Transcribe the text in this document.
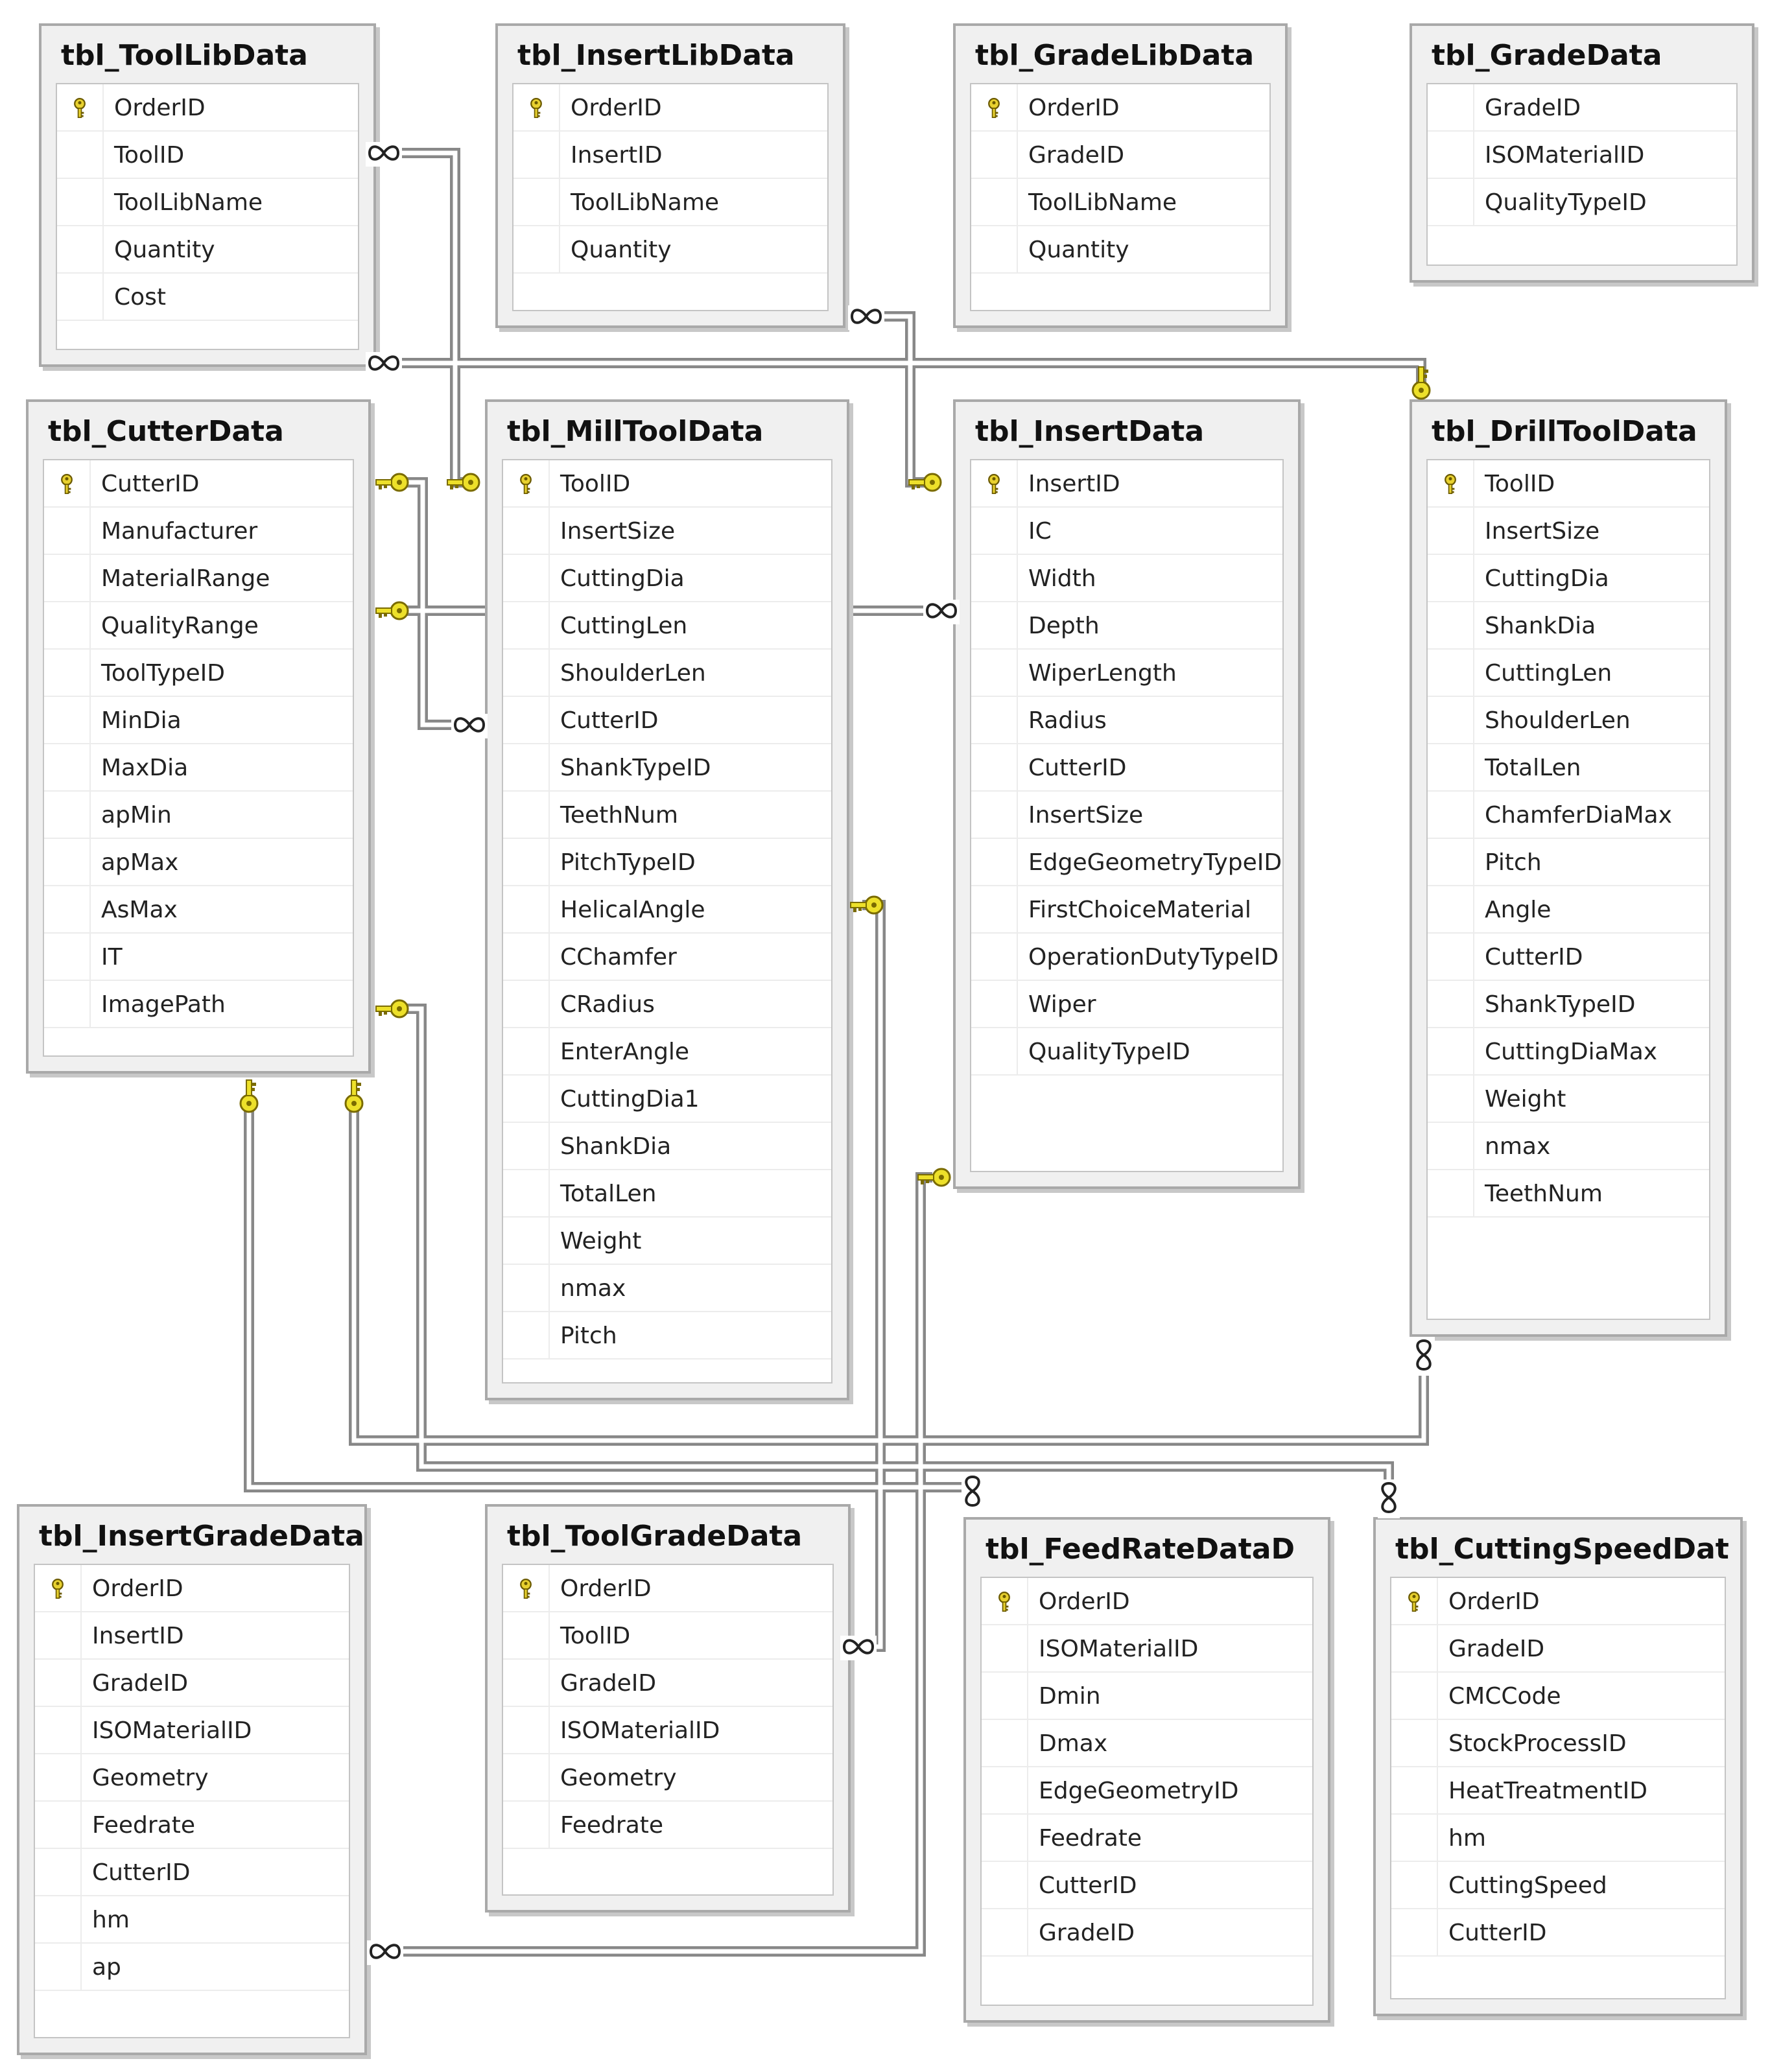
tbl_ToolLibData
OrderID
ToolID
ToolLibName
Quantity
Cost
tbl_InsertLibData
OrderID
InsertID
ToolLibName
Quantity
tbl_GradeLibData
OrderID
GradeID
ToolLibName
Quantity
tbl_GradeData
GradeID
ISOMaterialID
QualityTypeID
tbl_CutterData
CutterID
Manufacturer
MaterialRange
QualityRange
ToolTypeID
MinDia
MaxDia
apMin
apMax
AsMax
IT
ImagePath
tbl_MillToolData
ToolID
InsertSize
CuttingDia
CuttingLen
ShoulderLen
CutterID
ShankTypeID
TeethNum
PitchTypeID
HelicalAngle
CChamfer
CRadius
EnterAngle
CuttingDia1
ShankDia
TotalLen
Weight
nmax
Pitch
tbl_InsertData
InsertID
IC
Width
Depth
WiperLength
Radius
CutterID
InsertSize
EdgeGeometryTypeID
FirstChoiceMaterial
OperationDutyTypeID
Wiper
QualityTypeID
tbl_DrillToolData
ToolID
InsertSize
CuttingDia
ShankDia
CuttingLen
ShoulderLen
TotalLen
ChamferDiaMax
Pitch
Angle
CutterID
ShankTypeID
CuttingDiaMax
Weight
nmax
TeethNum
tbl_InsertGradeData
OrderID
InsertID
GradeID
ISOMaterialID
Geometry
Feedrate
CutterID
hm
ap
tbl_ToolGradeData
OrderID
ToolID
GradeID
ISOMaterialID
Geometry
Feedrate
tbl_FeedRateDataD
OrderID
ISOMaterialID
Dmin
Dmax
EdgeGeometryID
Feedrate
CutterID
GradeID
tbl_CuttingSpeedDat
OrderID
GradeID
CMCCode
StockProcessID
HeatTreatmentID
hm
CuttingSpeed
CutterID
